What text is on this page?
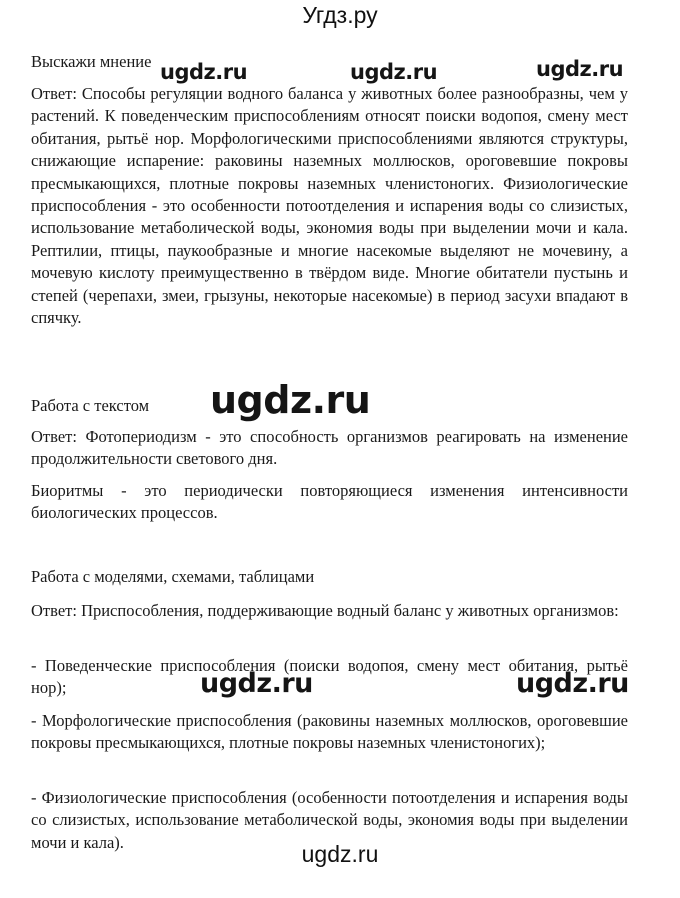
Угдз.ру
Выскажи мнение

Ответ: Способы регуляции водного баланса у животных более разнообразны, чем у растений. К поведенческим приспособлениям относят поиски водопоя, смену мест обитания, рытьё нор. Морфологическими приспособлениями являются структуры, снижающие испарение: раковины наземных моллюсков, ороговевшие покровы пресмыкающихся, плотные покровы наземных членистоногих. Физиологические приспособления - это особенности потоотделения и испарения воды со слизистых, использование метаболической воды, экономия воды при выделении мочи и кала. Рептилии, птицы, паукообразные и многие насекомые выделяют не мочевину, а мочевую кислоту преимущественно в твёрдом виде. Многие обитатели пустынь и степей (черепахи, змеи, грызуны, некоторые насекомые) в период засухи впадают в спячку.

Работа с текстом

Ответ: Фотопериодизм - это способность организмов реагировать на изменение продолжительности светового дня.

Биоритмы - это периодически повторяющиеся изменения интенсивности биологических процессов.

Работа с моделями, схемами, таблицами

Ответ: Приспособления, поддерживающие водный баланс у животных организмов:

- Поведенческие приспособления (поиски водопоя, смену мест обитания, рытьё нор);

- Морфологические приспособления (раковины наземных моллюсков, ороговевшие покровы пресмыкающихся, плотные покровы наземных членистоногих);

- Физиологические приспособления (особенности потоотделения и испарения воды со слизистых, использование метаболической воды, экономия воды при выделении мочи и кала).

ugdz.ru	ugdz.ru	ugdz.ru
ugdz.ru
ugdz.ru	ugdz.ru
ugdz.ru
